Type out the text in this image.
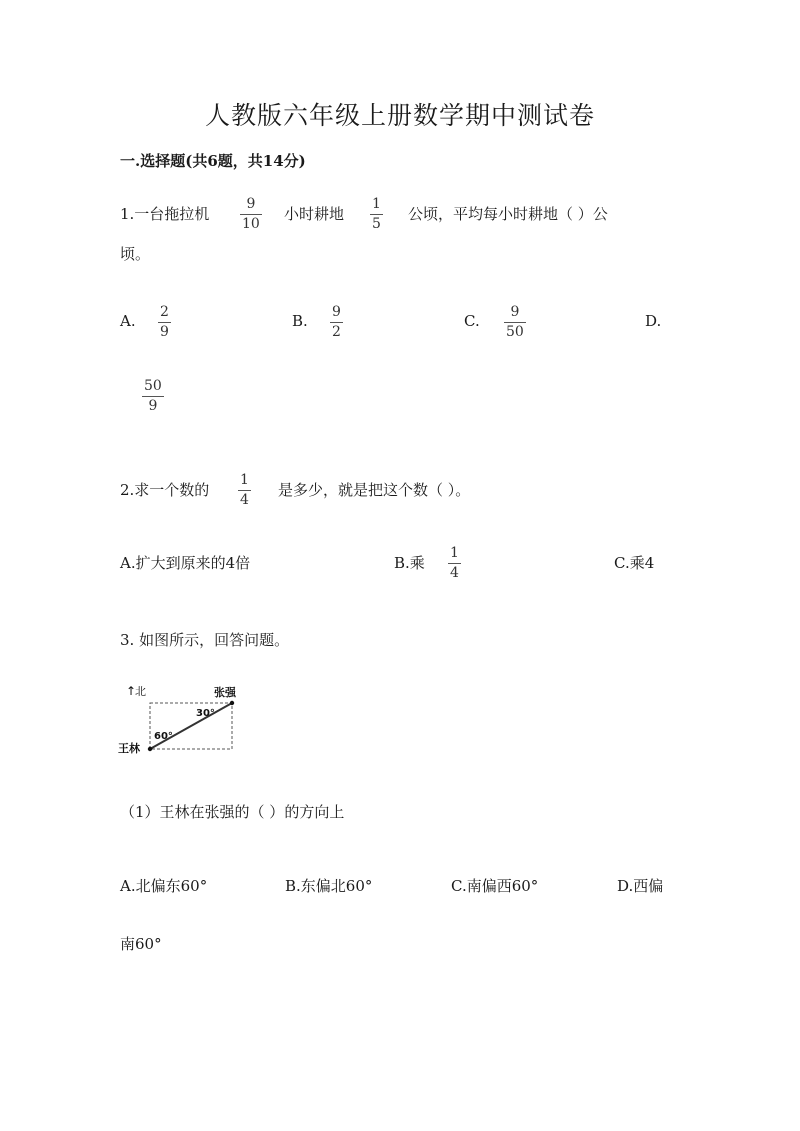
人教版六年级上册数学期中测试卷
一.选择题(共6题，共14分)
1.一台拖拉机
9
10
小时耕地
1
5
公顷，平均每小时耕地（ ）公
顷。
A. 2
9
B. 9
2
C. 9
50
D.
50
9
2.求一个数的
1
4
是多少，就是把这个数（ ）。
A.扩大到原来的4倍	B.乘
1
4
C.乘4
3. 如图所示，回答问题。
↑
北	张强
王林
30°
60°
（1）王林在张强的（ ）的方向上
A.北偏东60°	B.东偏北60°	C.南偏西60°	D.西偏
南60°
